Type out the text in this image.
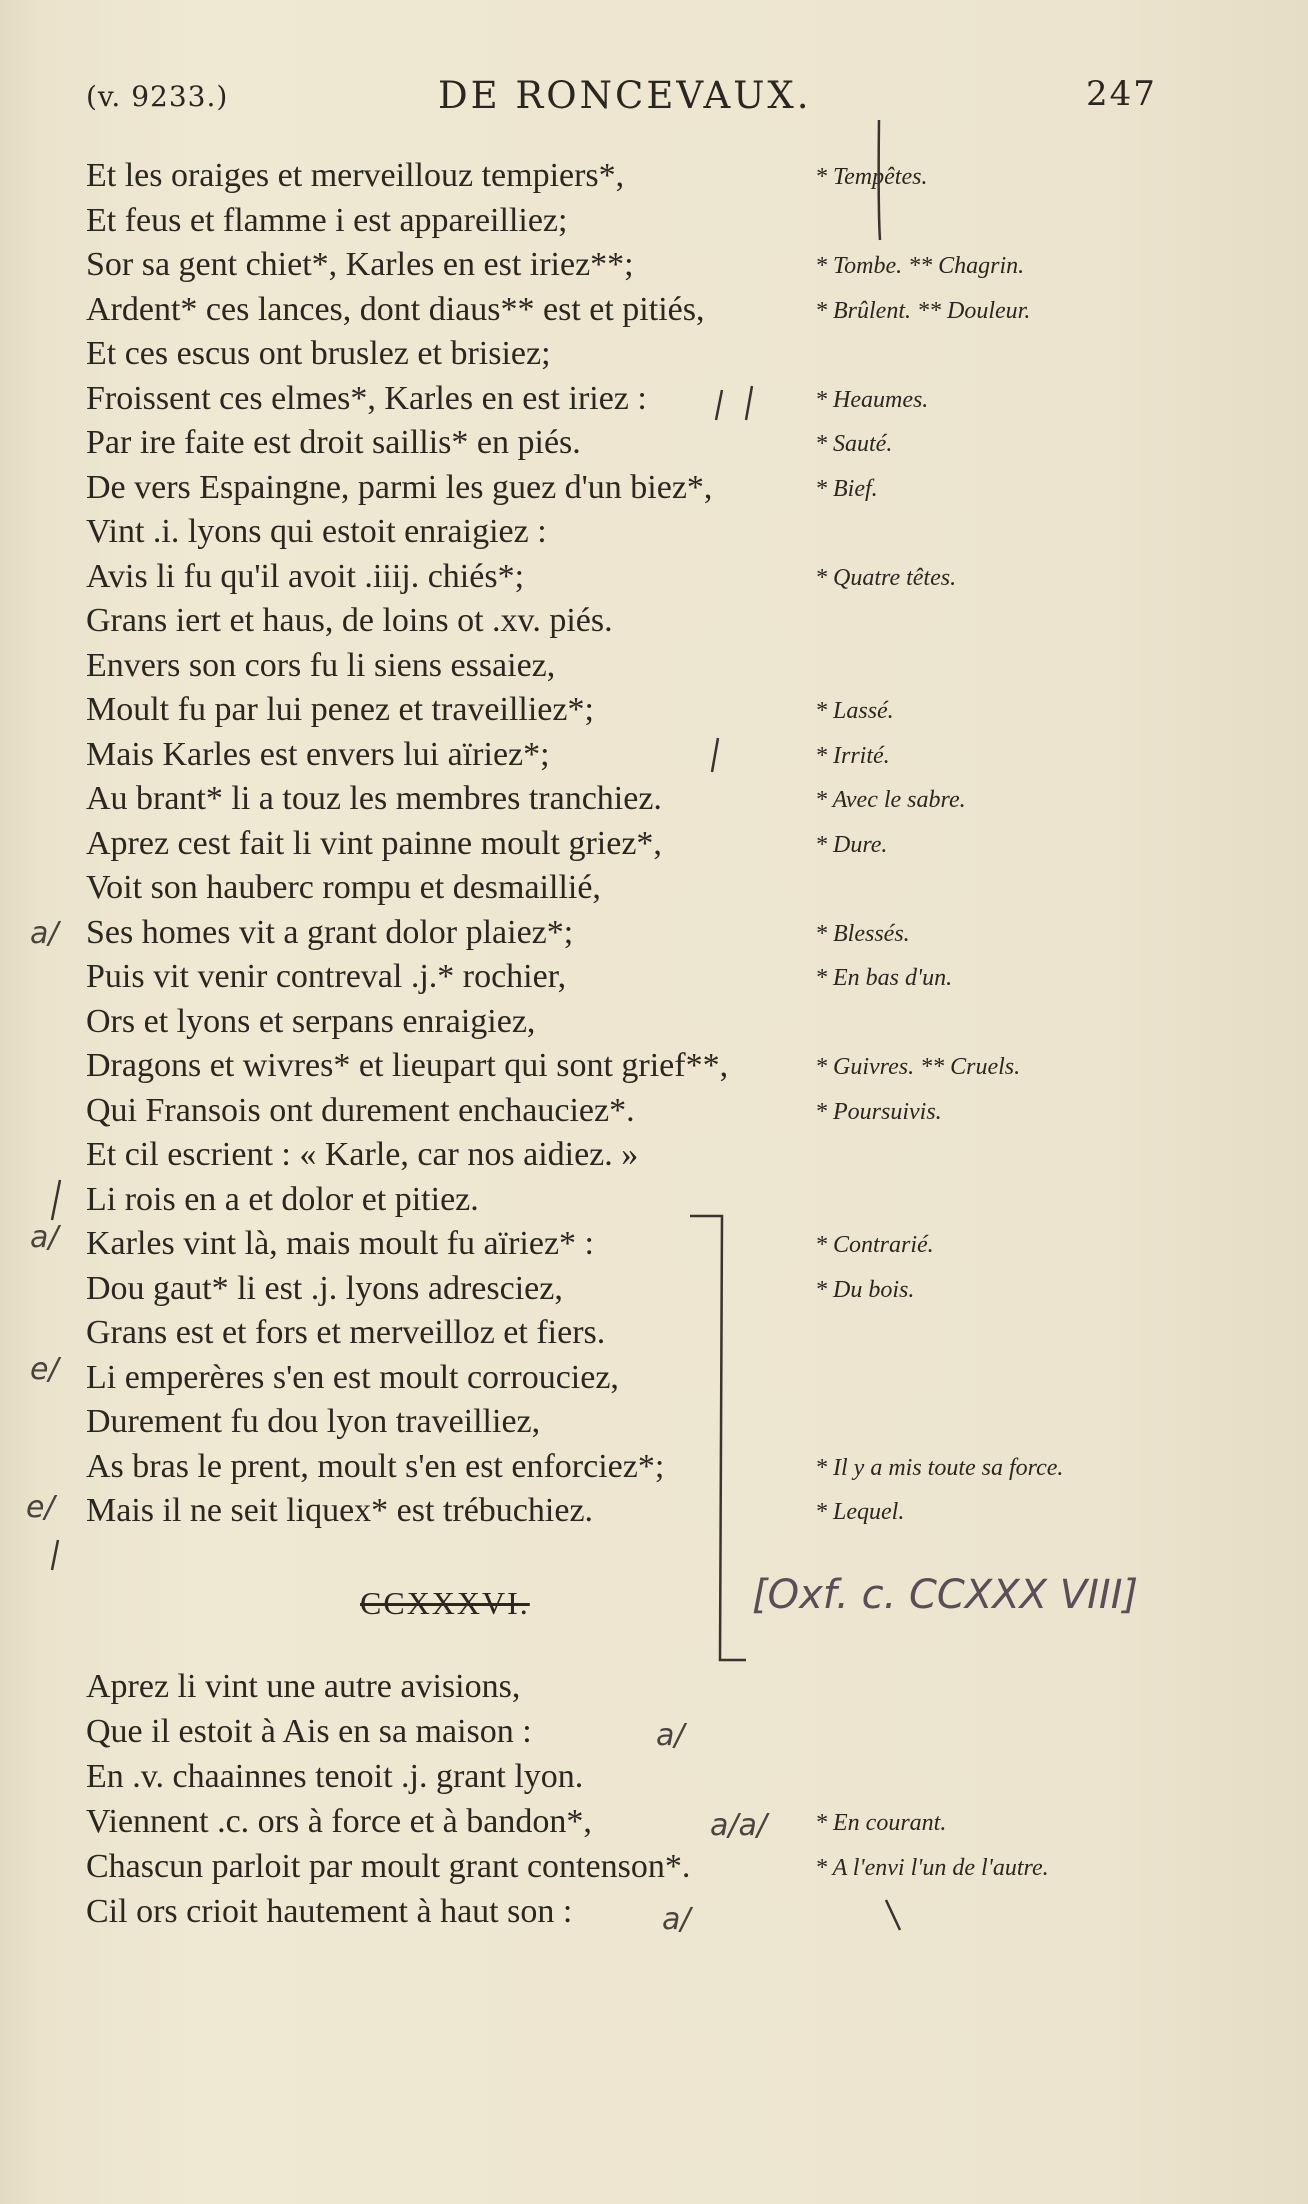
(v. 9233.)	DE RONCEVAUX.	247
Et les oraiges et merveillouz tempiers*,	* Tempêtes.
Et feus et flamme i est appareilliez;
Sor sa gent chiet*, Karles en est iriez**;	* Tombe. ** Chagrin.
Ardent* ces lances, dont diaus** est et pitiés,	* Brûlent. ** Douleur.
Et ces escus ont bruslez et brisiez;
Froissent ces elmes*, Karles en est iriez :	* Heaumes.
Par ire faite est droit saillis* en piés.	* Sauté.
De vers Espaingne, parmi les guez d'un biez*,	* Bief.
Vint .i. lyons qui estoit enraigiez :
Avis li fu qu'il avoit .iiij. chiés*;	* Quatre têtes.
Grans iert et haus, de loins ot .xv. piés.
Envers son cors fu li siens essaiez,
Moult fu par lui penez et traveilliez*;	* Lassé.
Mais Karles est envers lui aïriez*;	* Irrité.
Au brant* li a touz les membres tranchiez.	* Avec le sabre.
Aprez cest fait li vint painne moult griez*,	* Dure.
Voit son hauberc rompu et desmaillié,
Ses homes vit a grant dolor plaiez*;	* Blessés.
Puis vit venir contreval .j.* rochier,	* En bas d'un.
Ors et lyons et serpans enraigiez,
Dragons et wivres* et lieupart qui sont grief**,	* Guivres. ** Cruels.
Qui Fransois ont durement enchauciez*.	* Poursuivis.
Et cil escrient : « Karle, car nos aidiez. »
Li rois en a et dolor et pitiez.
Karles vint là, mais moult fu aïriez* :	* Contrarié.
Dou gaut* li est .j. lyons adresciez,	* Du bois.
Grans est et fors et merveilloz et fiers.
Li emperères s'en est moult corrouciez,
Durement fu dou lyon traveilliez,
As bras le prent, moult s'en est enforciez*;	* Il y a mis toute sa force.
Mais il ne seit liquex* est trébuchiez.	* Lequel.
CCXXXVI.	[Oxf. c. CCXXX VIII]
Aprez li vint une autre avisions,
Que il estoit à Ais en sa maison :
En .v. chaainnes tenoit .j. grant lyon.
Viennent .c. ors à force et à bandon*,	* En courant.
Chascun parloit par moult grant contenson*.	* A l'envi l'un de l'autre.
Cil ors crioit hautement à haut son :
a/
a/
e/
e/
a/
a/a/
a/
